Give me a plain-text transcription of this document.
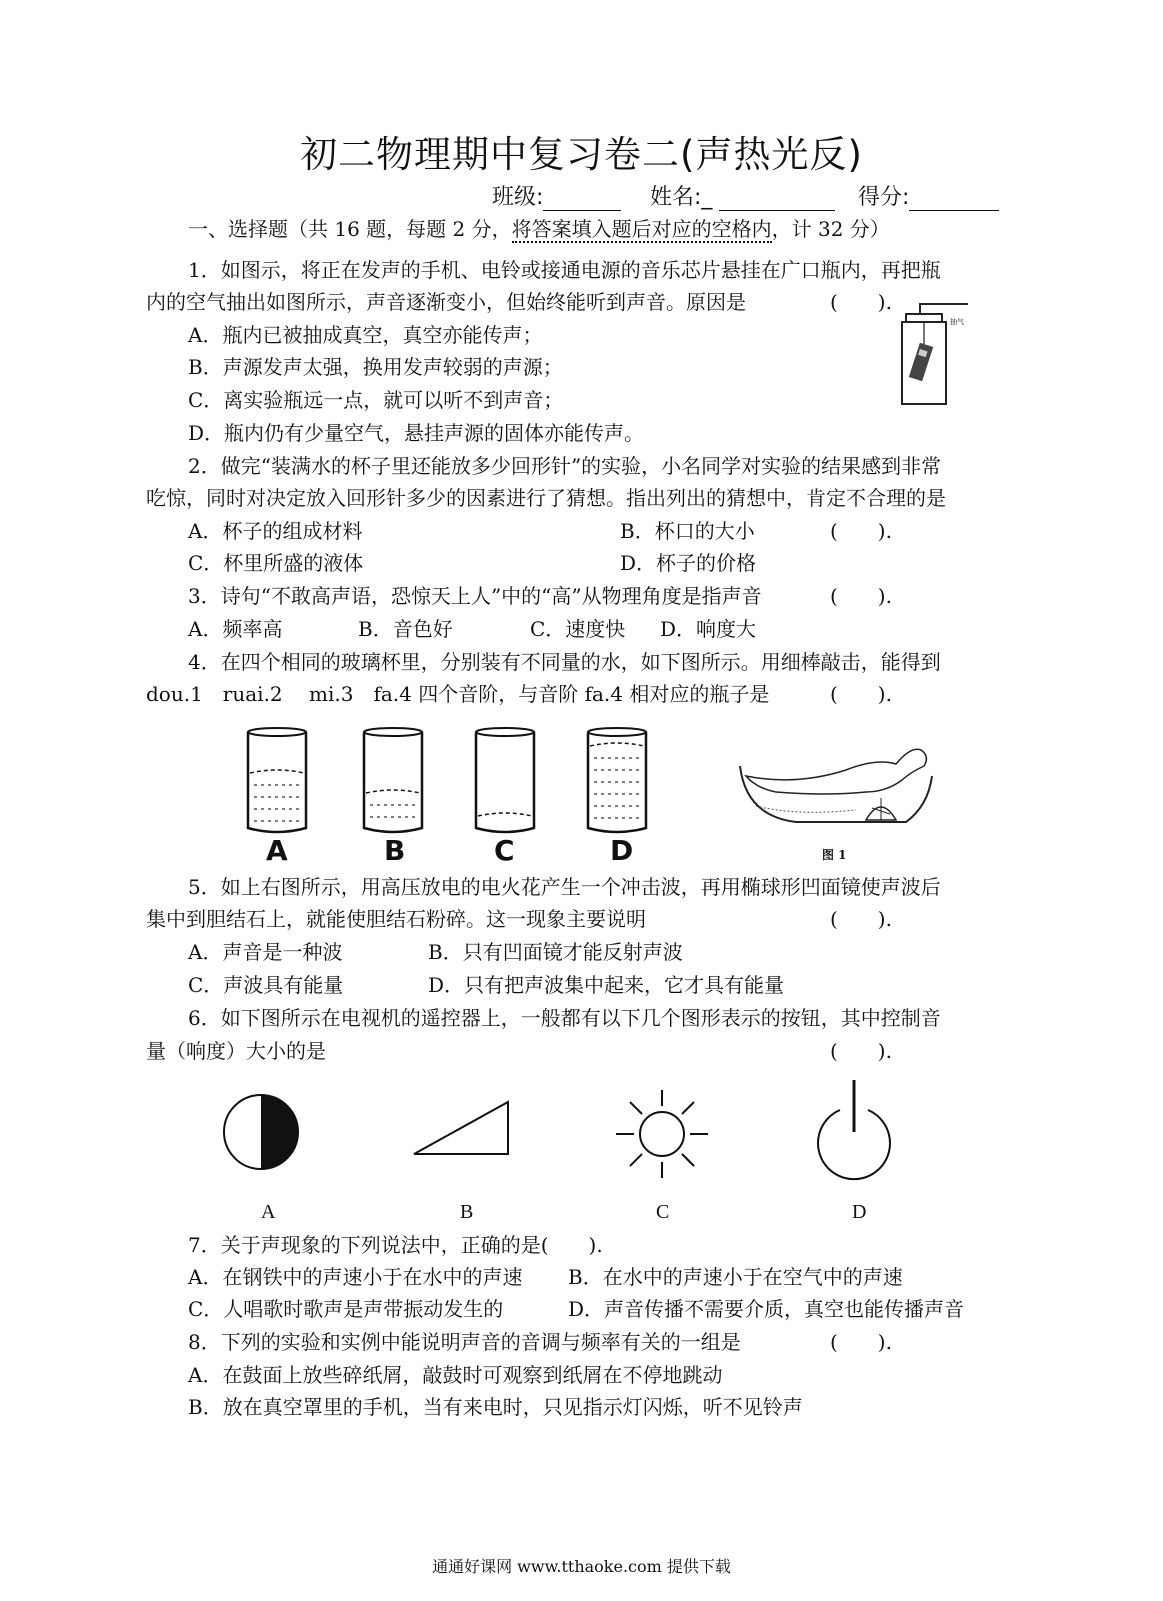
初二物理期中复习卷二(声热光反)
班级:	姓名:_	得分:
一、选择题（共 16 题，每题 2 分，将答案填入题后对应的空格内，计 32 分）
1．如图示，将正在发声的手机、电铃或接通电源的音乐芯片悬挂在广口瓶内，再把瓶
内的空气抽出如图所示，声音逐渐变小，但始终能听到声音。原因是	(　　).
A．瓶内已被抽成真空，真空亦能传声；
B．声源发声太强，换用发声较弱的声源；
C．离实验瓶远一点，就可以听不到声音；
D．瓶内仍有少量空气，悬挂声源的固体亦能传声。
抽气
2．做完“装满水的杯子里还能放多少回形针”的实验，小名同学对实验的结果感到非常
吃惊，同时对决定放入回形针多少的因素进行了猜想。指出列出的猜想中，肯定不合理的是
A．杯子的组成材料	B．杯口的大小	(　　).
C．杯里所盛的液体	D．杯子的价格
3．诗句“不敢高声语，恐惊天上人”中的“高”从物理角度是指声音	(　　).
A．频率高	B．音色好	C．速度快 D．响度大
4．在四个相同的玻璃杯里，分别装有不同量的水，如下图所示。用细棒敲击，能得到
dou.1　ruai.2　 mi.3　fa.4 四个音阶，与音阶 fa.4 相对应的瓶子是	(　　).
A	B	C	D	图 1
5．如上右图所示，用高压放电的电火花产生一个冲击波，再用椭球形凹面镜使声波后
集中到胆结石上，就能使胆结石粉碎。这一现象主要说明	(　　).
A．声音是一种波	B．只有凹面镜才能反射声波
C．声波具有能量	D．只有把声波集中起来，它才具有能量
6．如下图所示在电视机的遥控器上，一般都有以下几个图形表示的按钮，其中控制音
量（响度）大小的是	(　　).
A	B	C	D
7．关于声现象的下列说法中，正确的是(　　).
A．在钢铁中的声速小于在水中的声速 B．在水中的声速小于在空气中的声速
C．人唱歌时歌声是声带振动发生的	D．声音传播不需要介质，真空也能传播声音
8．下列的实验和实例中能说明声音的音调与频率有关的一组是	(　　).
A．在鼓面上放些碎纸屑，敲鼓时可观察到纸屑在不停地跳动
B．放在真空罩里的手机，当有来电时，只见指示灯闪烁，听不见铃声
通通好课网 www.tthaoke.com 提供下载
